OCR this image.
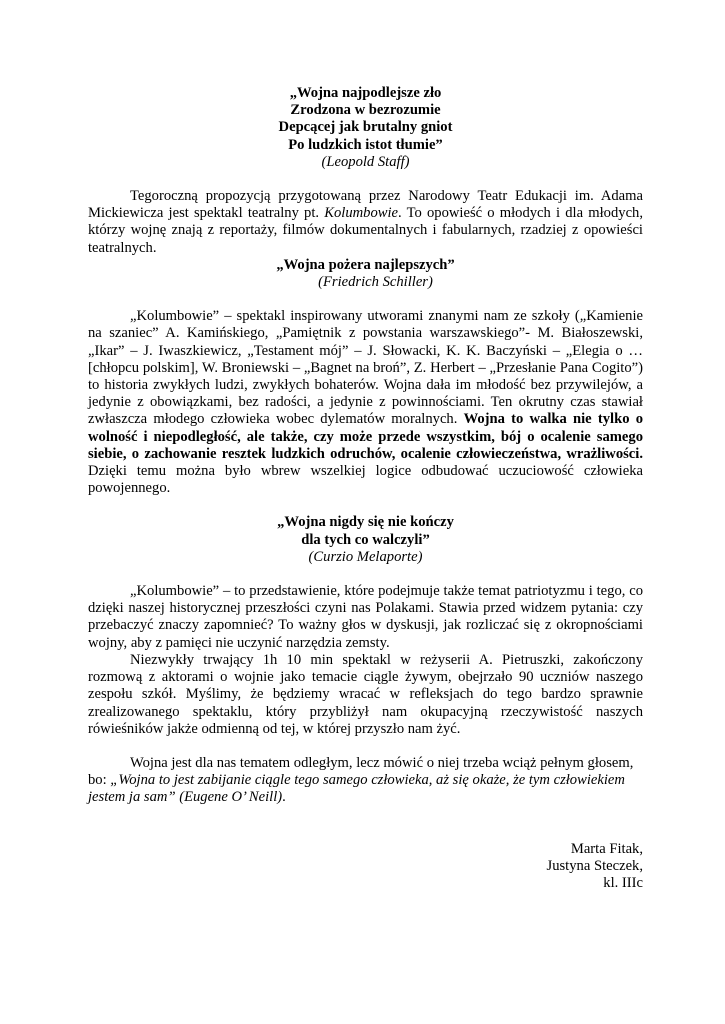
„Wojna najpodlejsze zło
Zrodzona w bezrozumie
Depcącej jak brutalny gniot
Po ludzkich istot tłumie”
(Leopold Staff)

Tegoroczną propozycją przygotowaną przez Narodowy Teatr Edukacji im. Adama Mickiewicza jest spektakl teatralny pt. Kolumbowie. To opowieść o młodych i dla młodych, którzy wojnę znają z reportaży, filmów dokumentalnych i fabularnych, rzadziej z opowieści teatralnych.

„Wojna pożera najlepszych”
(Friedrich Schiller)

„Kolumbowie” – spektakl inspirowany utworami znanymi nam ze szkoły („Kamienie na szaniec” A. Kamińskiego, „Pamiętnik z powstania warszawskiego”- M. Białoszewski, „Ikar” – J. Iwaszkiewicz, „Testament mój” – J. Słowacki, K. K. Baczyński – „Elegia o …[chłopcu polskim], W. Broniewski – „Bagnet na broń”, Z. Herbert – „Przesłanie Pana Cogito”) to historia zwykłych ludzi, zwykłych bohaterów. Wojna dała im młodość bez przywilejów, a jedynie z obowiązkami, bez radości, a jedynie z powinnościami. Ten okrutny czas stawiał zwłaszcza młodego człowieka wobec dylematów moralnych. Wojna to walka nie tylko o wolność i niepodległość, ale także, czy może przede wszystkim, bój o ocalenie samego siebie, o zachowanie resztek ludzkich odruchów, ocalenie człowieczeństwa, wrażliwości. Dzięki temu można było wbrew wszelkiej logice odbudować uczuciowość człowieka powojennego.

„Wojna nigdy się nie kończy
dla tych co walczyli”
(Curzio Melaporte)

„Kolumbowie” – to przedstawienie, które podejmuje także temat patriotyzmu i tego, co dzięki naszej historycznej przeszłości czyni nas Polakami. Stawia przed widzem pytania: czy przebaczyć znaczy zapomnieć? To ważny głos w dyskusji, jak rozliczać się z okropnościami wojny, aby z pamięci nie uczynić narzędzia zemsty.

Niezwykły trwający 1h 10 min spektakl w reżyserii A. Pietruszki, zakończony rozmową z aktorami o wojnie jako temacie ciągle żywym, obejrzało 90 uczniów naszego zespołu szkół. Myślimy, że będziemy wracać w refleksjach do tego bardzo sprawnie zrealizowanego spektaklu, który przybliżył nam okupacyjną rzeczywistość naszych rówieśników jakże odmienną od tej, w której przyszło nam żyć.

Wojna jest dla nas tematem odległym, lecz mówić o niej trzeba wciąż pełnym głosem, bo: „Wojna to jest zabijanie ciągle tego samego człowieka, aż się okaże, że tym człowiekiem jestem ja sam” (Eugene O’ Neill).

Marta Fitak,
Justyna Steczek,
kl. IIIc
